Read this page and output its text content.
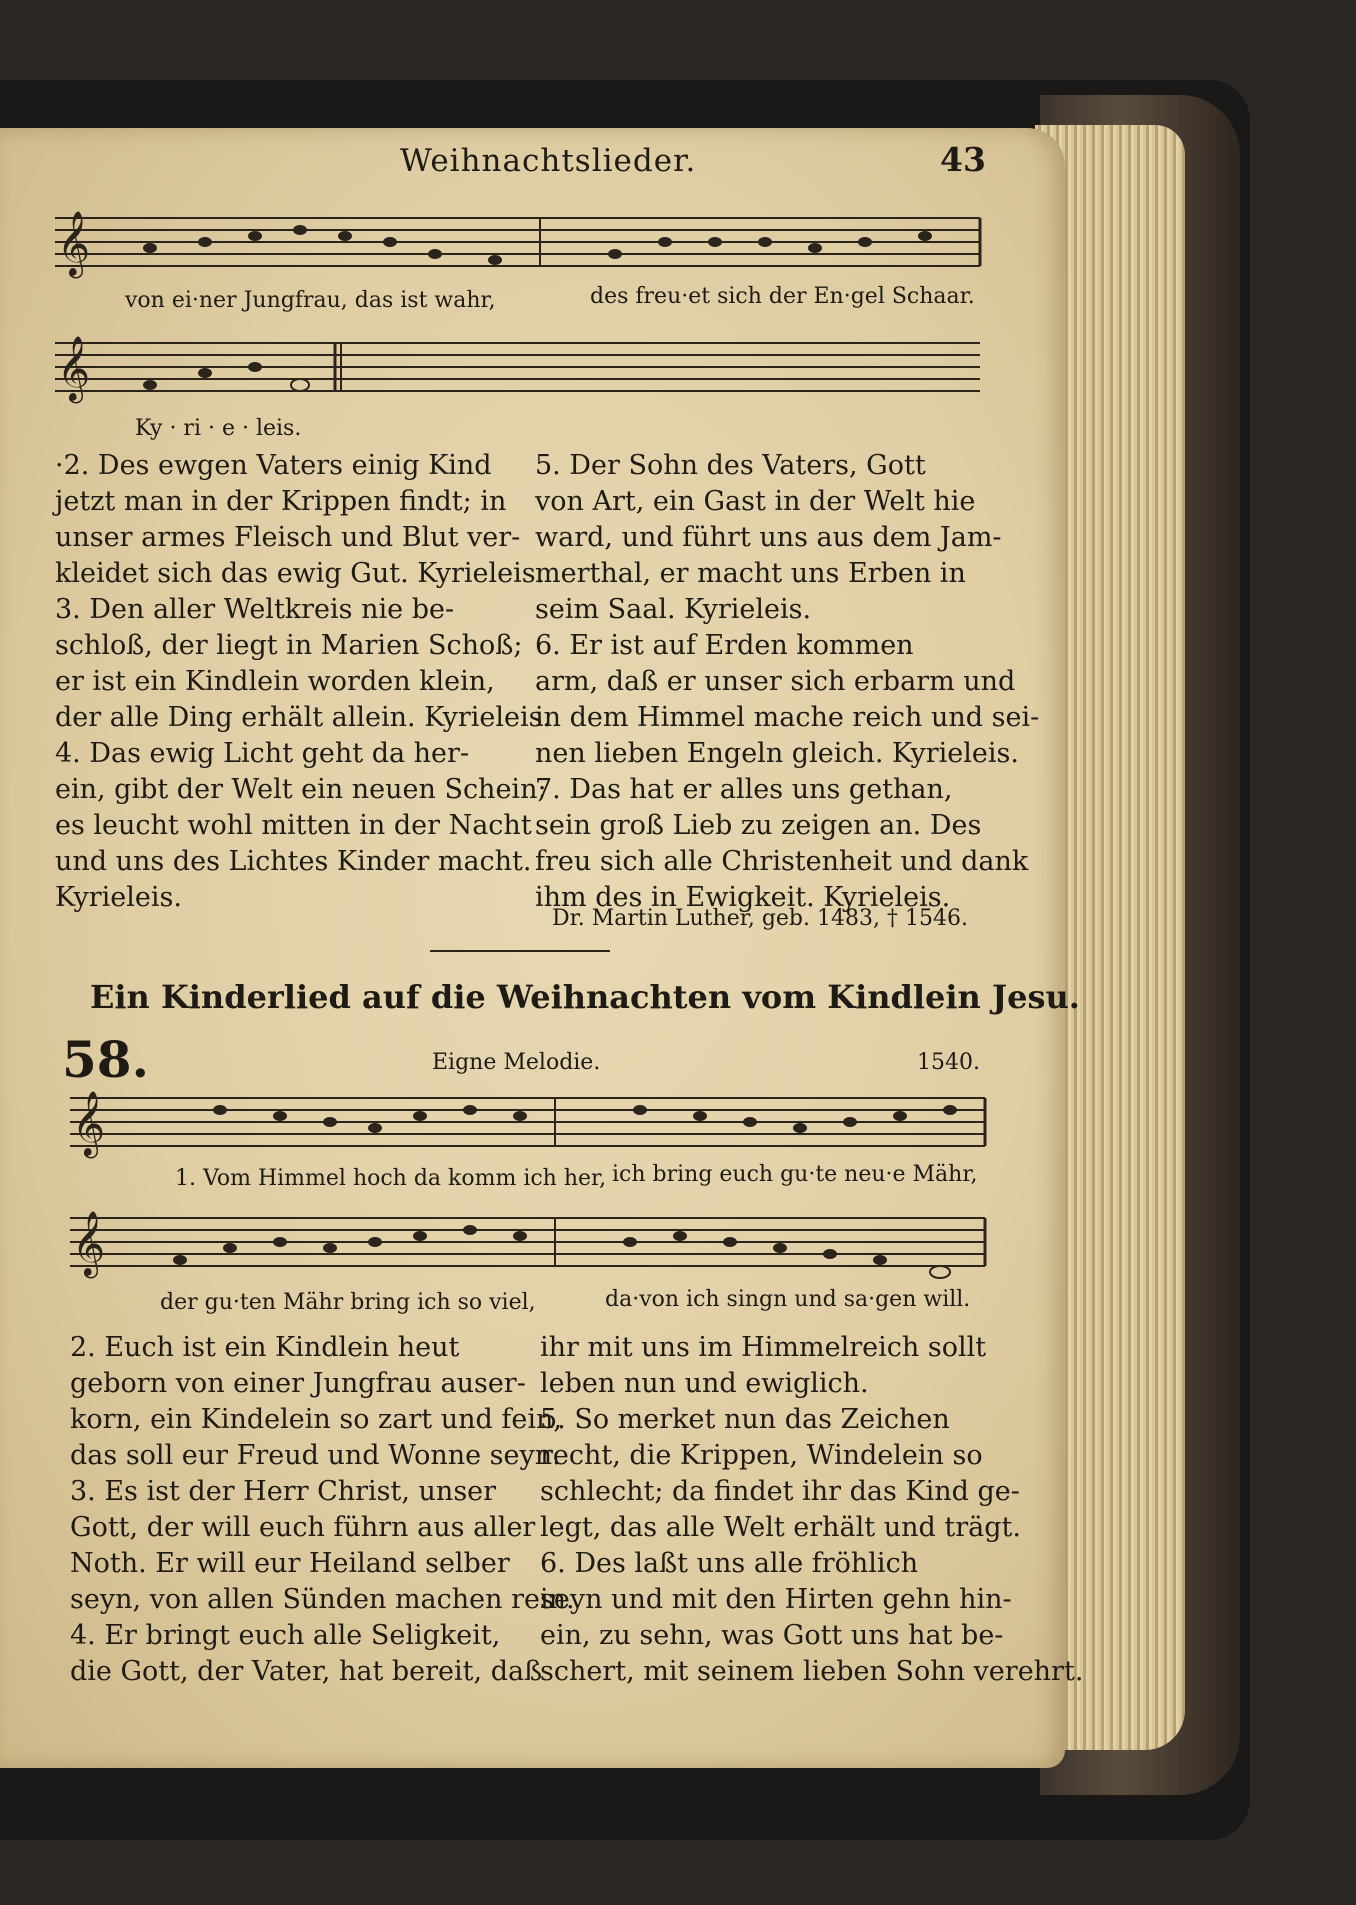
Weihnachtslieder.	43
𝄞
von ei·ner Jungfrau, das ist wahr,	des freu·et sich der En·gel Schaar.
𝄞
Ky · ri · e · leis.
·2. Des ewgen Vaters einig Kind
jetzt man in der Krippen findt; in
unser armes Fleisch und Blut ver-
kleidet sich das ewig Gut. Kyrieleis.
3. Den aller Weltkreis nie be-
schloß, der liegt in Marien Schoß;
er ist ein Kindlein worden klein,
der alle Ding erhält allein. Kyrieleis.
4. Das ewig Licht geht da her-
ein, gibt der Welt ein neuen Schein;
es leucht wohl mitten in der Nacht
und uns des Lichtes Kinder macht.
Kyrieleis.
5. Der Sohn des Vaters, Gott
von Art, ein Gast in der Welt hie
ward, und führt uns aus dem Jam-
merthal, er macht uns Erben in
seim Saal. Kyrieleis.
6. Er ist auf Erden kommen
arm, daß er unser sich erbarm und
in dem Himmel mache reich und sei-
nen lieben Engeln gleich. Kyrieleis.
7. Das hat er alles uns gethan,
sein groß Lieb zu zeigen an. Des
freu sich alle Christenheit und dank
ihm des in Ewigkeit. Kyrieleis.
Dr. Martin Luther, geb. 1483, † 1546.
Ein Kinderlied auf die Weihnachten vom Kindlein Jesu.
58.	Eigne Melodie.	1540.
𝄞
1. Vom Himmel hoch da komm ich her, ich bring euch gu·te neu·e Mähr,
𝄞
der gu·ten Mähr bring ich so viel,	da·von ich singn und sa·gen will.
2. Euch ist ein Kindlein heut
geborn von einer Jungfrau auser-
korn, ein Kindelein so zart und fein,
das soll eur Freud und Wonne seyn.
3. Es ist der Herr Christ, unser
Gott, der will euch führn aus aller
Noth. Er will eur Heiland selber
seyn, von allen Sünden machen rein.
4. Er bringt euch alle Seligkeit,
die Gott, der Vater, hat bereit, daß
ihr mit uns im Himmelreich sollt
leben nun und ewiglich.
5. So merket nun das Zeichen
recht, die Krippen, Windelein so
schlecht; da findet ihr das Kind ge-
legt, das alle Welt erhält und trägt.
6. Des laßt uns alle fröhlich
seyn und mit den Hirten gehn hin-
ein, zu sehn, was Gott uns hat be-
schert, mit seinem lieben Sohn verehrt.
